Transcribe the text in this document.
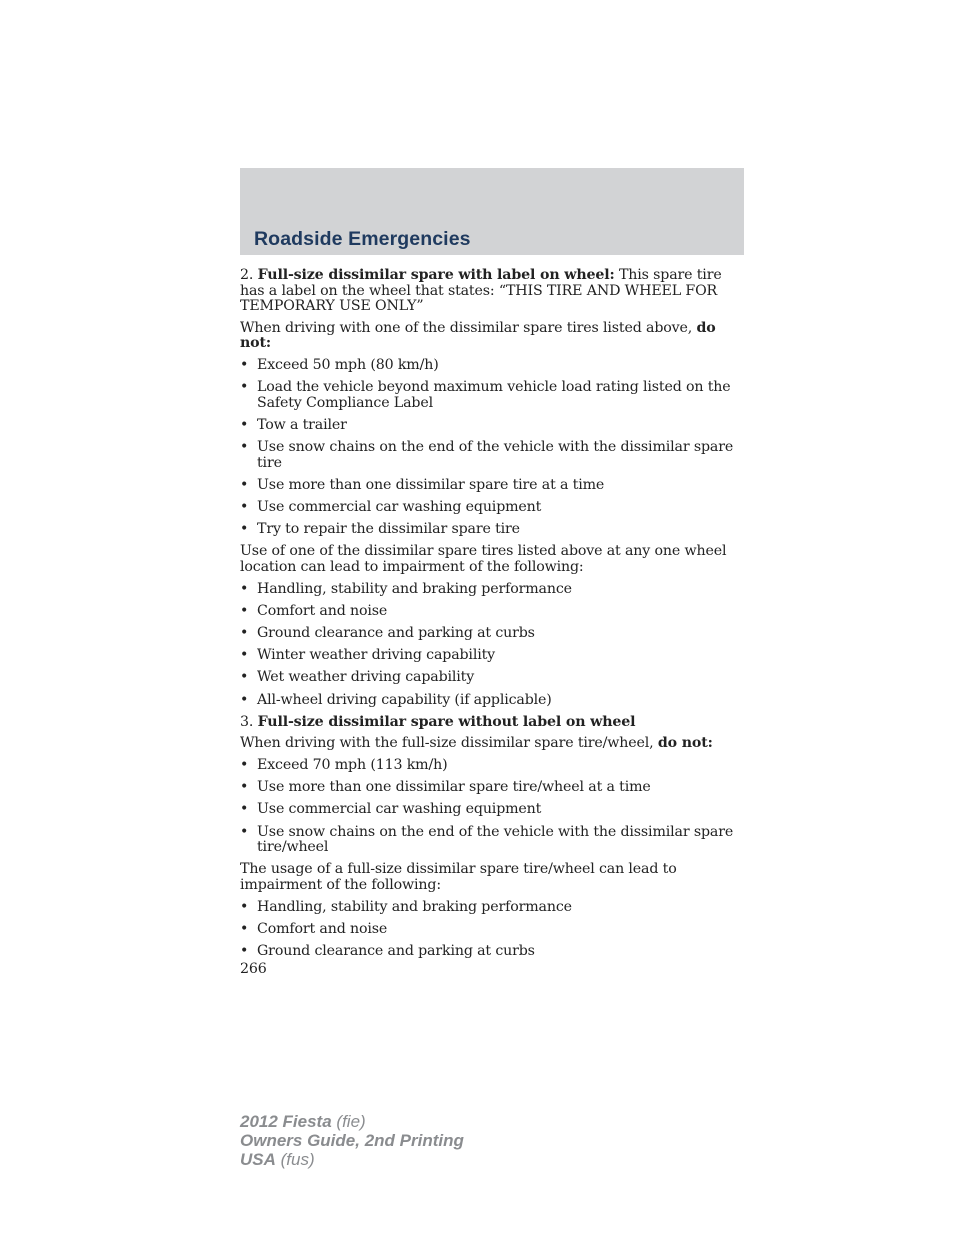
Roadside Emergencies

2. Full-size dissimilar spare with label on wheel: This spare tire has a label on the wheel that states: “THIS TIRE AND WHEEL FOR TEMPORARY USE ONLY”

When driving with one of the dissimilar spare tires listed above, do not:

• Exceed 50 mph (80 km/h)
• Load the vehicle beyond maximum vehicle load rating listed on the Safety Compliance Label
• Tow a trailer
• Use snow chains on the end of the vehicle with the dissimilar spare tire
• Use more than one dissimilar spare tire at a time
• Use commercial car washing equipment
• Try to repair the dissimilar spare tire

Use of one of the dissimilar spare tires listed above at any one wheel location can lead to impairment of the following:

• Handling, stability and braking performance
• Comfort and noise
• Ground clearance and parking at curbs
• Winter weather driving capability
• Wet weather driving capability
• All-wheel driving capability (if applicable)

3. Full-size dissimilar spare without label on wheel

When driving with the full-size dissimilar spare tire/wheel, do not:

• Exceed 70 mph (113 km/h)
• Use more than one dissimilar spare tire/wheel at a time
• Use commercial car washing equipment
• Use snow chains on the end of the vehicle with the dissimilar spare tire/wheel

The usage of a full-size dissimilar spare tire/wheel can lead to impairment of the following:

• Handling, stability and braking performance
• Comfort and noise
• Ground clearance and parking at curbs
266
2012 Fiesta (fie)
Owners Guide, 2nd Printing
USA (fus)
